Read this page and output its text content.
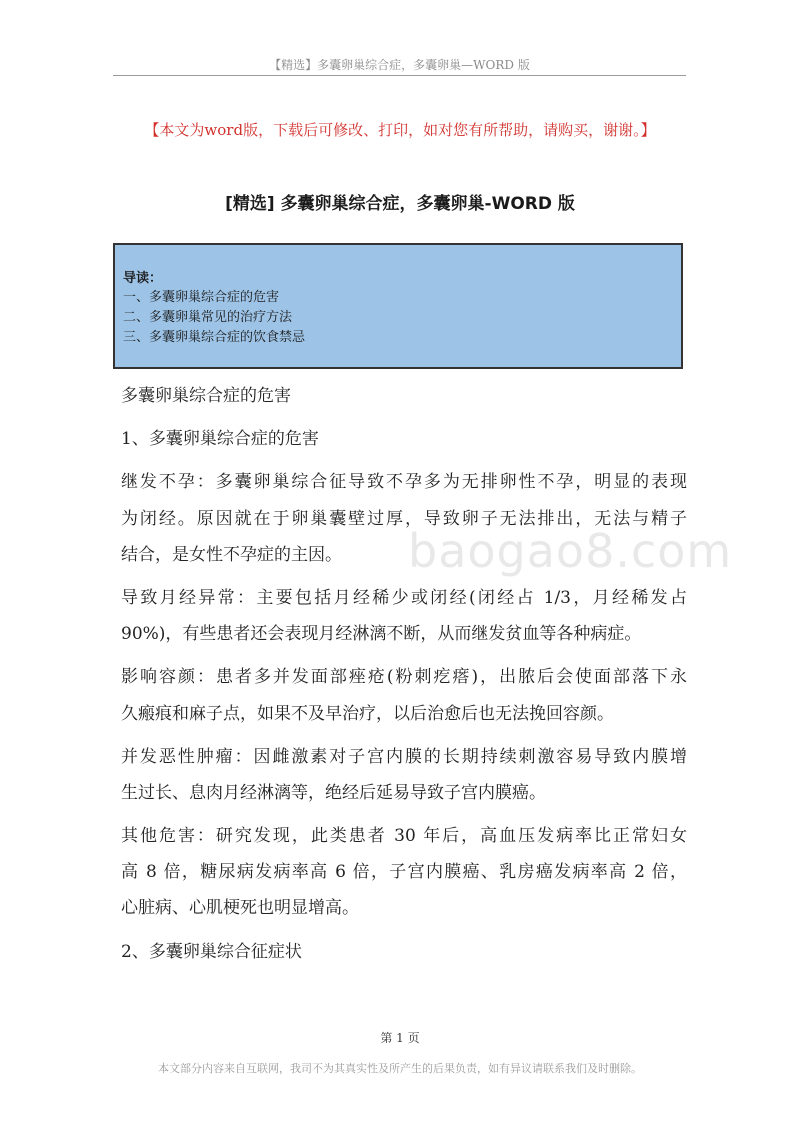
【精选】多囊卵巢综合症，多囊卵巢—WORD 版
【本文为word版，下载后可修改、打印，如对您有所帮助，请购买，谢谢。】
[精选] 多囊卵巢综合症，多囊卵巢-WORD 版
导读：
一、多囊卵巢综合症的危害
二、多囊卵巢常见的治疗方法
三、多囊卵巢综合症的饮食禁忌
多囊卵巢综合症的危害
1、多囊卵巢综合症的危害
继发不孕：多囊卵巢综合征导致不孕多为无排卵性不孕，明显的表现
为闭经。原因就在于卵巢囊壁过厚，导致卵子无法排出，无法与精子
结合，是女性不孕症的主因。
导致月经异常：主要包括月经稀少或闭经(闭经占 1/3，月经稀发占
90%)，有些患者还会表现月经淋漓不断，从而继发贫血等各种病症。
影响容颜：患者多并发面部痤疮(粉刺疙瘩)，出脓后会使面部落下永
久瘢痕和麻子点，如果不及早治疗，以后治愈后也无法挽回容颜。
并发恶性肿瘤：因雌激素对子宫内膜的长期持续刺激容易导致内膜增
生过长、息肉月经淋漓等，绝经后延易导致子宫内膜癌。
其他危害：研究发现，此类患者 30 年后，高血压发病率比正常妇女
高 8 倍，糖尿病发病率高 6 倍，子宫内膜癌、乳房癌发病率高 2 倍，
心脏病、心肌梗死也明显增高。
2、多囊卵巢综合征症状
baogao8.com
第 1 页
本文部分内容来自互联网，我司不为其真实性及所产生的后果负责，如有异议请联系我们及时删除。
